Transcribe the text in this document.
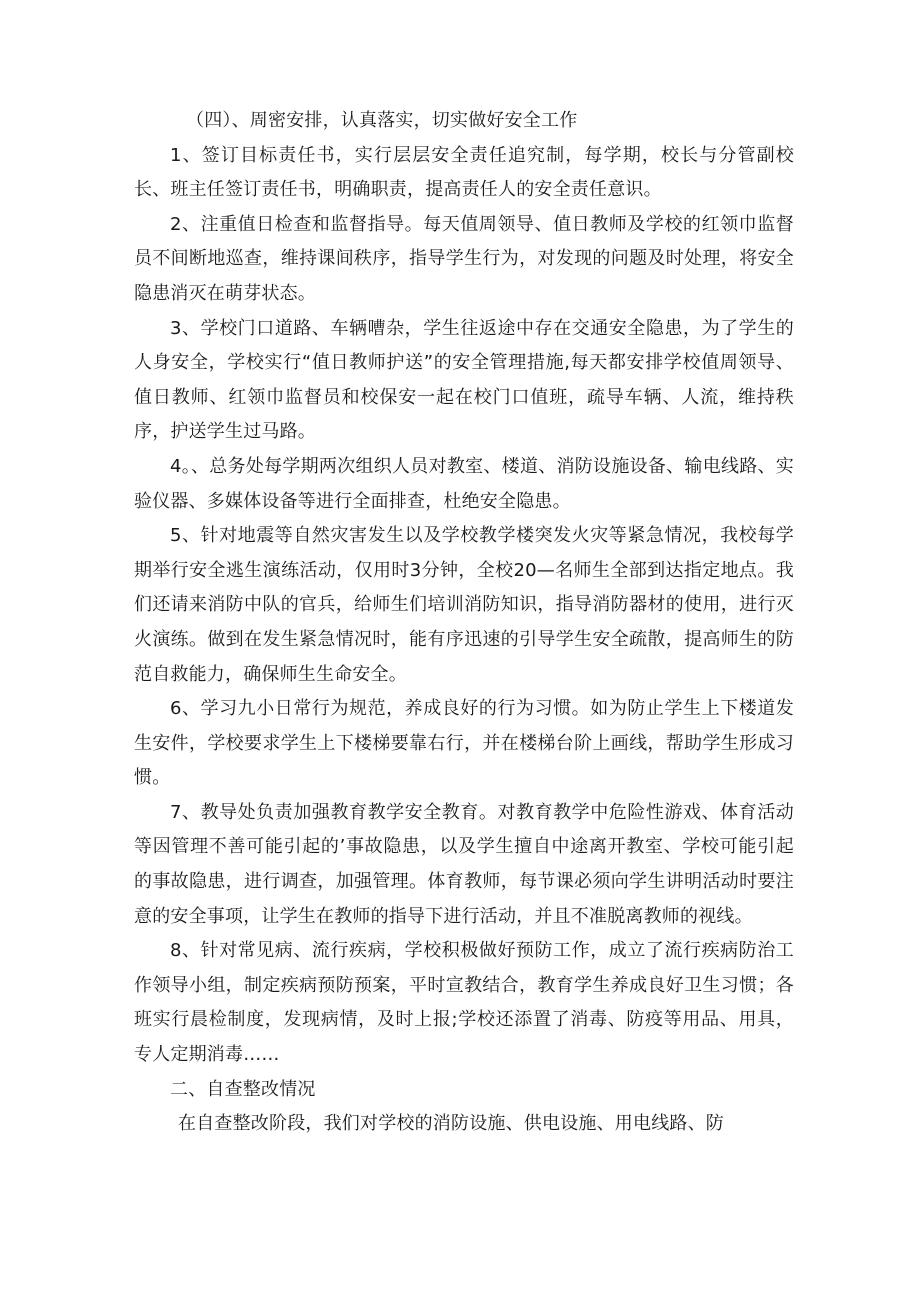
（四）、周密安排，认真落实，切实做好安全工作

1、签订目标责任书，实行层层安全责任追究制，每学期，校长与分管副校长、班主任签订责任书，明确职责，提高责任人的安全责任意识。

2、注重值日检查和监督指导。每天值周领导、值日教师及学校的红领巾监督员不间断地巡查，维持课间秩序，指导学生行为，对发现的问题及时处理，将安全隐患消灭在萌芽状态。

3、学校门口道路、车辆嘈杂，学生往返途中存在交通安全隐患，为了学生的人身安全，学校实行“值日教师护送”的安全管理措施,每天都安排学校值周领导、值日教师、红领巾监督员和校保安一起在校门口值班，疏导车辆、人流，维持秩序，护送学生过马路。

4。、总务处每学期两次组织人员对教室、楼道、消防设施设备、输电线路、实验仪器、多媒体设备等进行全面排查，杜绝安全隐患。

5、针对地震等自然灾害发生以及学校教学楼突发火灾等紧急情况，我校每学期举行安全逃生演练活动，仅用时3分钟，全校20—名师生全部到达指定地点。我们还请来消防中队的官兵，给师生们培训消防知识，指导消防器材的使用，进行灭火演练。做到在发生紧急情况时，能有序迅速的引导学生安全疏散，提高师生的防范自救能力，确保师生生命安全。

6、学习九小日常行为规范，养成良好的行为习惯。如为防止学生上下楼道发生安件，学校要求学生上下楼梯要靠右行，并在楼梯台阶上画线，帮助学生形成习惯。

7、教导处负责加强教育教学安全教育。对教育教学中危险性游戏、体育活动等因管理不善可能引起的’事故隐患，以及学生擅自中途离开教室、学校可能引起的事故隐患，进行调查，加强管理。体育教师，每节课必须向学生讲明活动时要注意的安全事项，让学生在教师的指导下进行活动，并且不准脱离教师的视线。

8、针对常见病、流行疾病，学校积极做好预防工作，成立了流行疾病防治工作领导小组，制定疾病预防预案，平时宣教结合，教育学生养成良好卫生习惯；各班实行晨检制度，发现病情，及时上报;学校还添置了消毒、防疫等用品、用具，专人定期消毒……

二、自查整改情况

在自查整改阶段，我们对学校的消防设施、供电设施、用电线路、防
